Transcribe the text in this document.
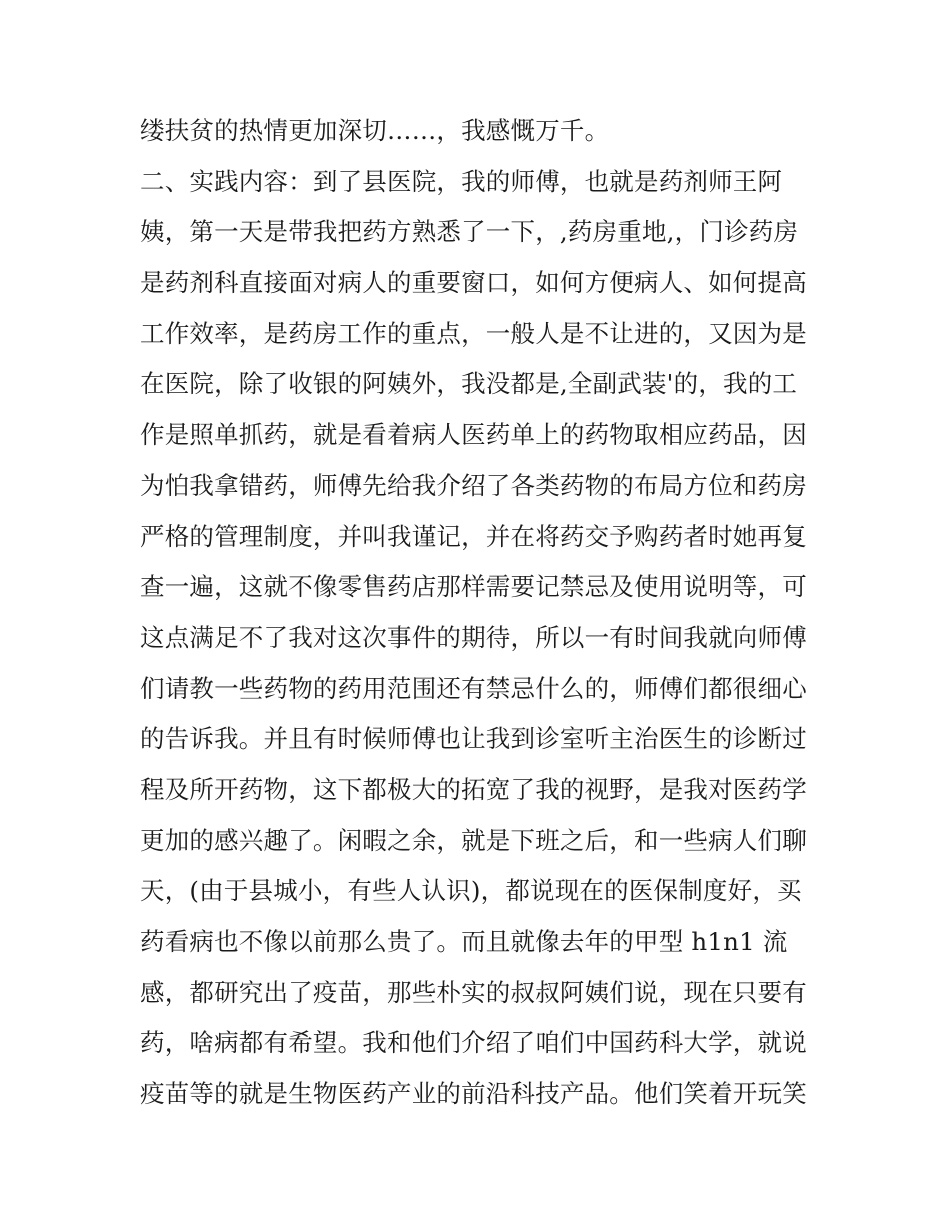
缕扶贫的热情更加深切……，我感慨万千。
二、实践内容：到了县医院，我的师傅，也就是药剂师王阿
姨，第一天是带我把药方熟悉了一下，,药房重地,，门诊药房
是药剂科直接面对病人的重要窗口，如何方便病人、如何提高
工作效率，是药房工作的重点，一般人是不让进的，又因为是
在医院，除了收银的阿姨外，我没都是,全副武装'的，我的工
作是照单抓药，就是看着病人医药单上的药物取相应药品，因
为怕我拿错药，师傅先给我介绍了各类药物的布局方位和药房
严格的管理制度，并叫我谨记，并在将药交予购药者时她再复
查一遍，这就不像零售药店那样需要记禁忌及使用说明等，可
这点满足不了我对这次事件的期待，所以一有时间我就向师傅
们请教一些药物的药用范围还有禁忌什么的，师傅们都很细心
的告诉我。并且有时候师傅也让我到诊室听主治医生的诊断过
程及所开药物，这下都极大的拓宽了我的视野，是我对医药学
更加的感兴趣了。闲暇之余，就是下班之后，和一些病人们聊
天，(由于县城小，有些人认识)，都说现在的医保制度好，买
药看病也不像以前那么贵了。而且就像去年的甲型 h1n1 流
感，都研究出了疫苗，那些朴实的叔叔阿姨们说，现在只要有
药，啥病都有希望。我和他们介绍了咱们中国药科大学，就说
疫苗等的就是生物医药产业的前沿科技产品。他们笑着开玩笑
